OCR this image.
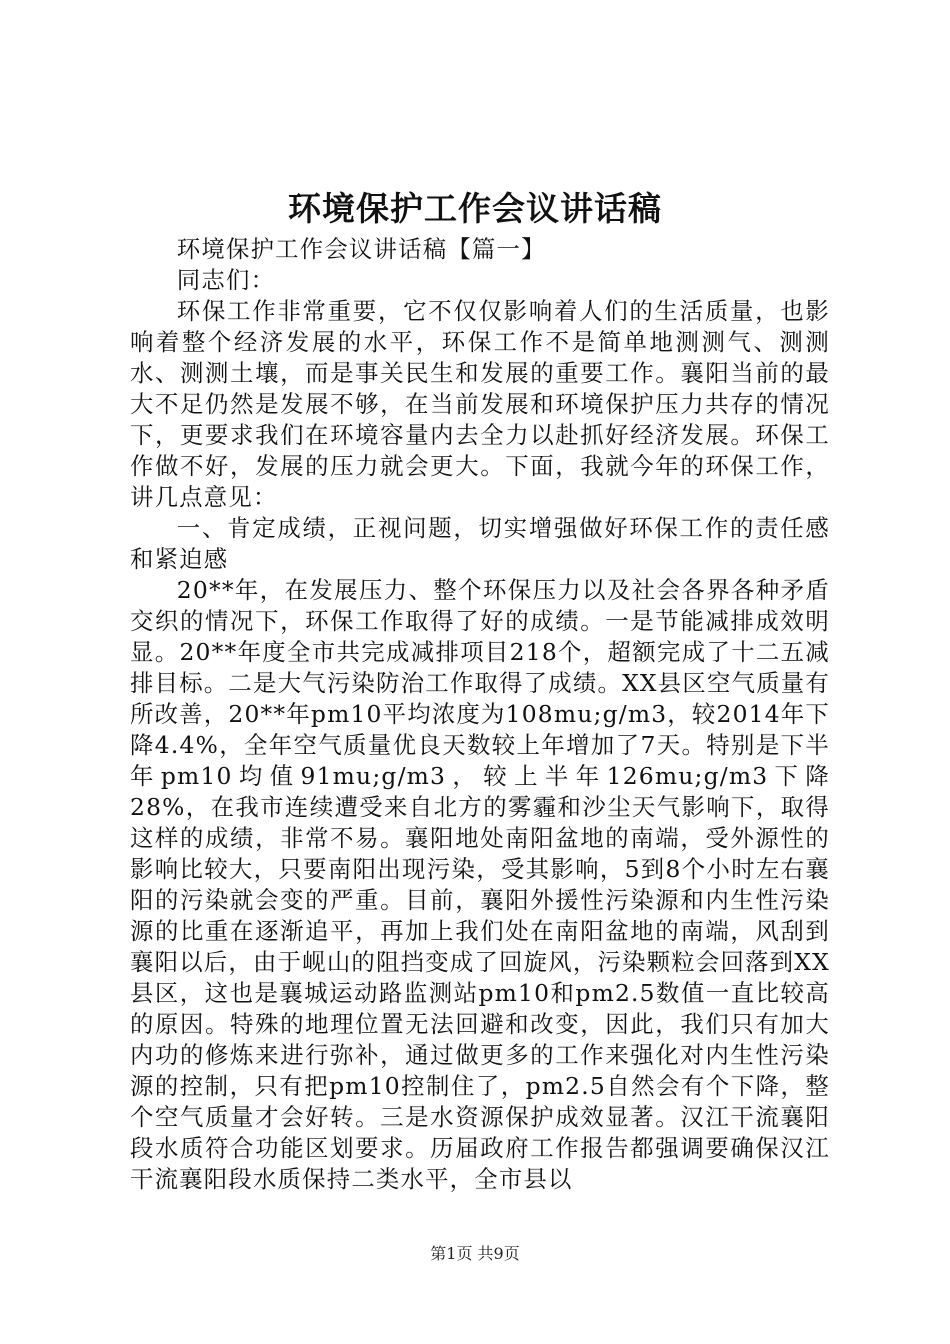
环境保护工作会议讲话稿

环境保护工作会议讲话稿【篇一】

同志们：

环保工作非常重要，它不仅仅影响着人们的生活质量，也影响着整个经济发展的水平，环保工作不是简单地测测气、测测水、测测土壤，而是事关民生和发展的重要工作。襄阳当前的最大不足仍然是发展不够，在当前发展和环境保护压力共存的情况下，更要求我们在环境容量内去全力以赴抓好经济发展。环保工作做不好，发展的压力就会更大。下面，我就今年的环保工作，讲几点意见：

一、肯定成绩，正视问题，切实增强做好环保工作的责任感和紧迫感

20**年，在发展压力、整个环保压力以及社会各界各种矛盾交织的情况下，环保工作取得了好的成绩。一是节能减排成效明显。20**年度全市共完成减排项目218个，超额完成了十二五减排目标。二是大气污染防治工作取得了成绩。XX县区空气质量有所改善，20**年pm10平均浓度为108mu;g/m3，较2014年下降4.4%，全年空气质量优良天数较上年增加了7天。特别是下半年pm10均值91mu;g/m3，较上半年126mu;g/m3下降28%，在我市连续遭受来自北方的雾霾和沙尘天气影响下，取得这样的成绩，非常不易。襄阳地处南阳盆地的南端，受外源性的影响比较大，只要南阳出现污染，受其影响，5到8个小时左右襄阳的污染就会变的严重。目前，襄阳外援性污染源和内生性污染源的比重在逐渐追平，再加上我们处在南阳盆地的南端，风刮到襄阳以后，由于岘山的阻挡变成了回旋风，污染颗粒会回落到XX县区，这也是襄城运动路监测站pm10和pm2.5数值一直比较高的原因。特殊的地理位置无法回避和改变，因此，我们只有加大内功的修炼来进行弥补，通过做更多的工作来强化对内生性污染源的控制，只有把pm10控制住了，pm2.5自然会有个下降，整个空气质量才会好转。三是水资源保护成效显著。汉江干流襄阳段水质符合功能区划要求。历届政府工作报告都强调要确保汉江干流襄阳段水质保持二类水平，全市县以

第1页 共9页
